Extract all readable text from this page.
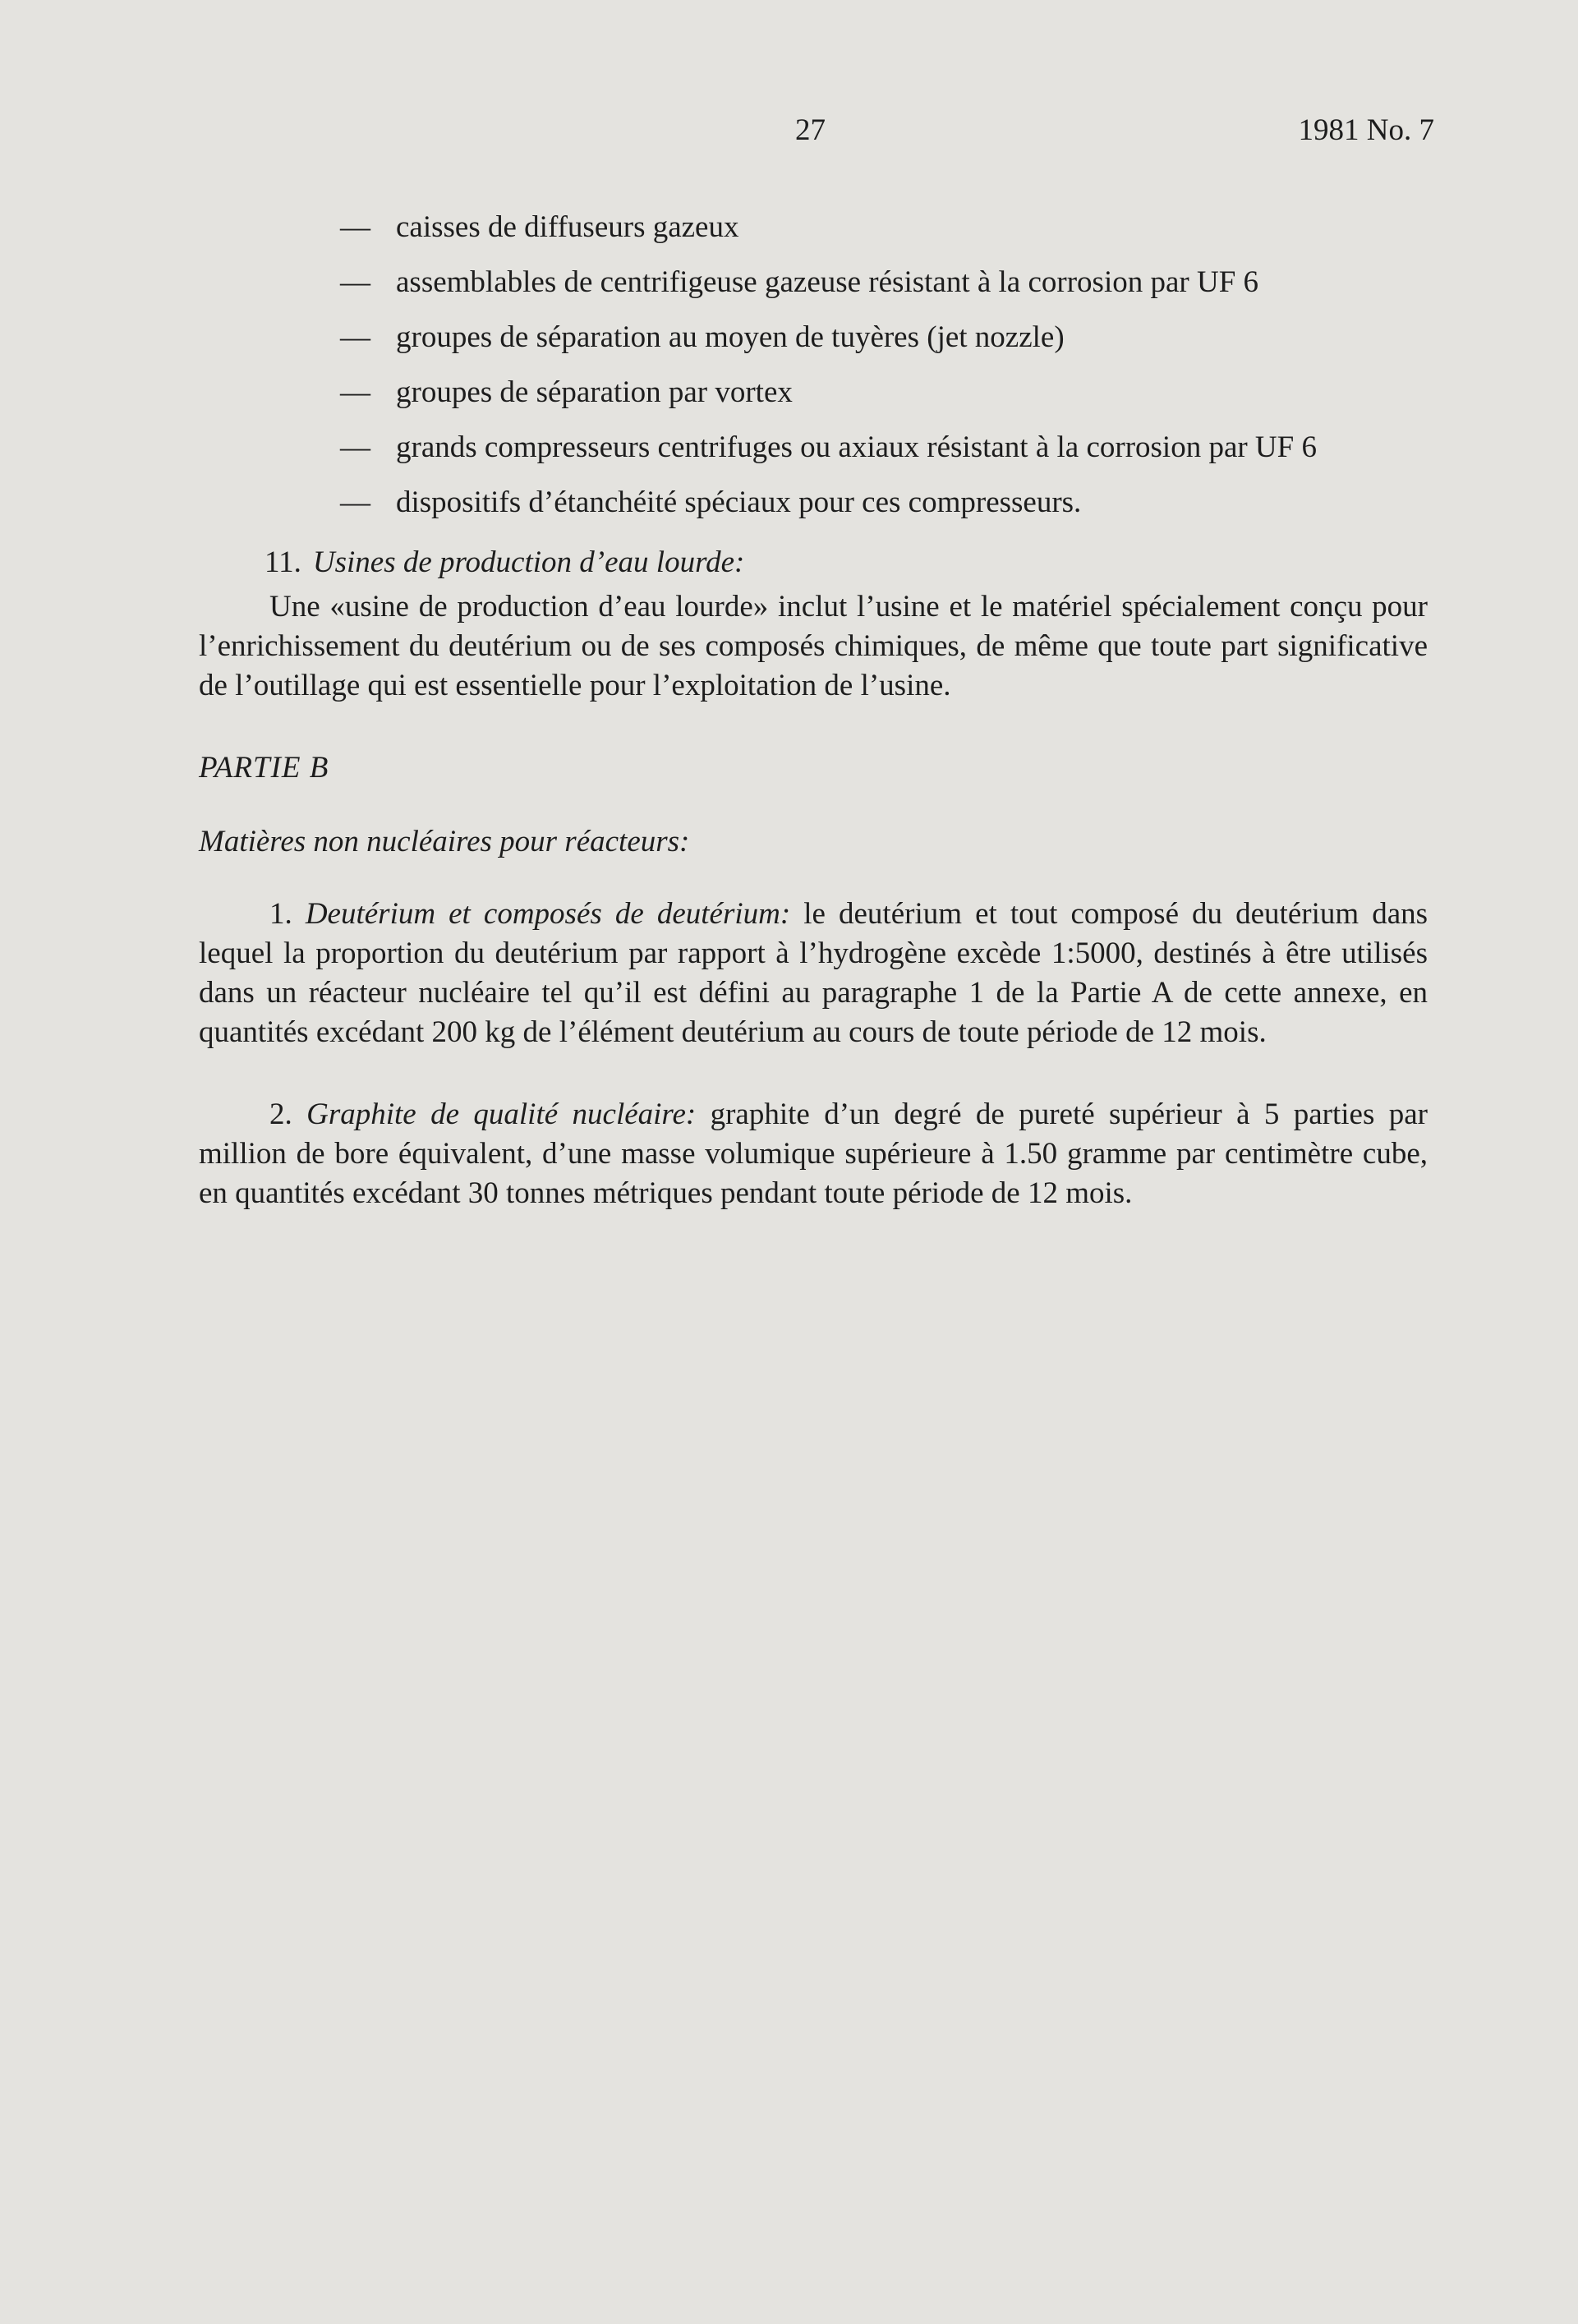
27	1981 No. 7
— caisses de diffuseurs gazeux
— assemblables de centrifigeuse gazeuse résistant à la corrosion par UF 6
— groupes de séparation au moyen de tuyères (jet nozzle)
— groupes de séparation par vortex
— grands compresseurs centrifuges ou axiaux résistant à la corrosion par UF 6
— dispositifs d’étanchéité spéciaux pour ces compresseurs.
11. Usines de production d’eau lourde:

Une «usine de production d’eau lourde» inclut l’usine et le matériel spécialement conçu pour l’enrichissement du deutérium ou de ses composés chimiques, de même que toute part significative de l’outillage qui est essentielle pour l’exploitation de l’usine.

PARTIE B
Matières non nucléaires pour réacteurs:

1. Deutérium et composés de deutérium: le deutérium et tout composé du deutérium dans lequel la proportion du deutérium par rapport à l’hydrogène excède 1:5000, destinés à être utilisés dans un réacteur nucléaire tel qu’il est défini au paragraphe 1 de la Partie A de cette annexe, en quantités excédant 200 kg de l’élément deutérium au cours de toute période de 12 mois.

2. Graphite de qualité nucléaire: graphite d’un degré de pureté supérieur à 5 parties par million de bore équivalent, d’une masse volumique supérieure à 1.50 gramme par centimètre cube, en quantités excédant 30 tonnes métriques pendant toute période de 12 mois.
